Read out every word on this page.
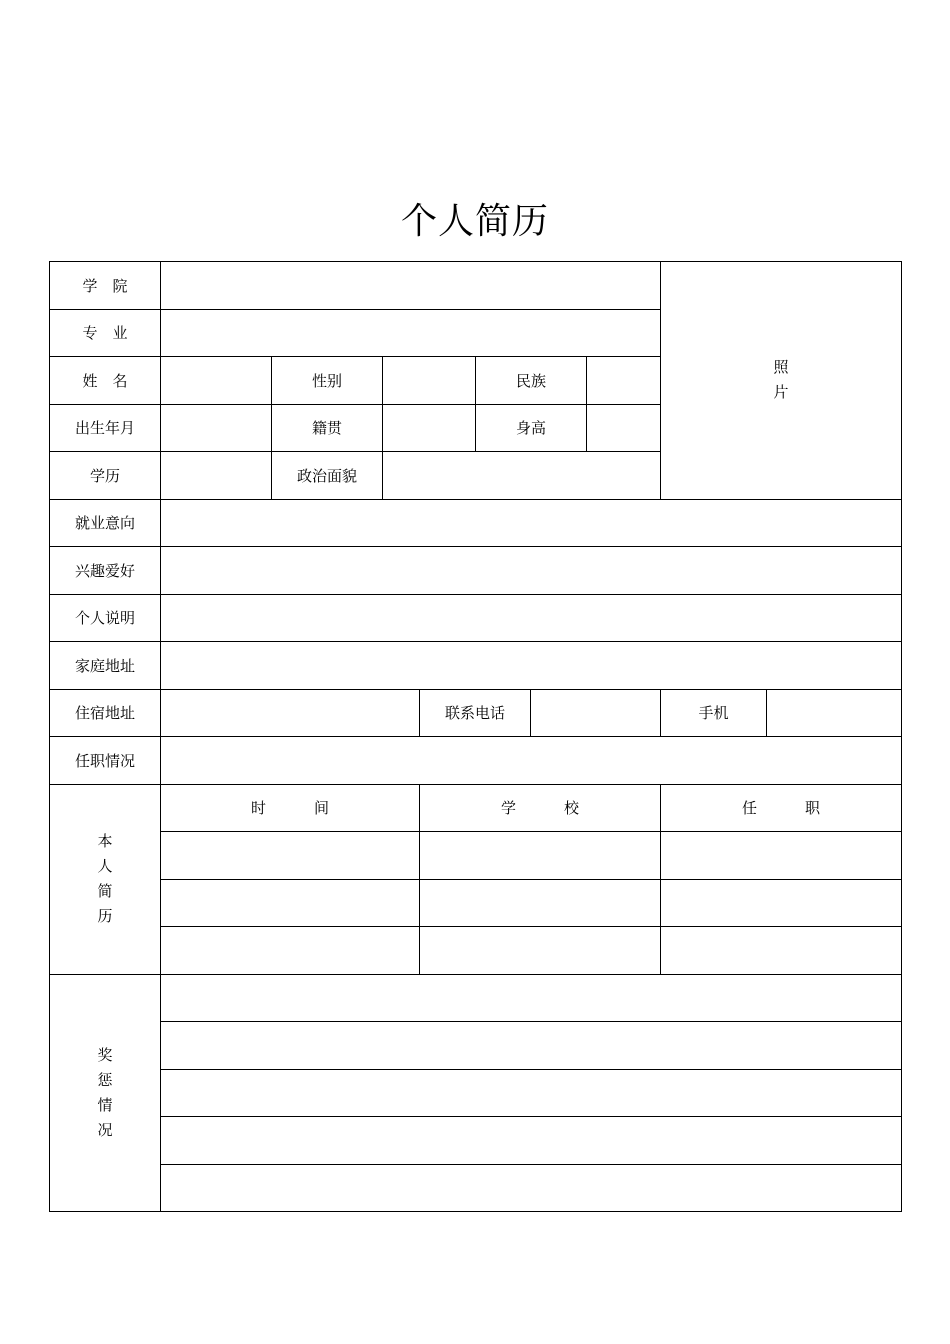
个人简历
学　院								照片	
专　业									
姓　名		性别			民族				
出生年月		籍贯			身高				
学历		政治面貌							
就业意向									
兴趣爱好									
个人说明									
家庭地址									
住宿地址				联系电话				手机	
任职情况									
本人简历	时 间			学 校				任 职	

奖惩情况									
